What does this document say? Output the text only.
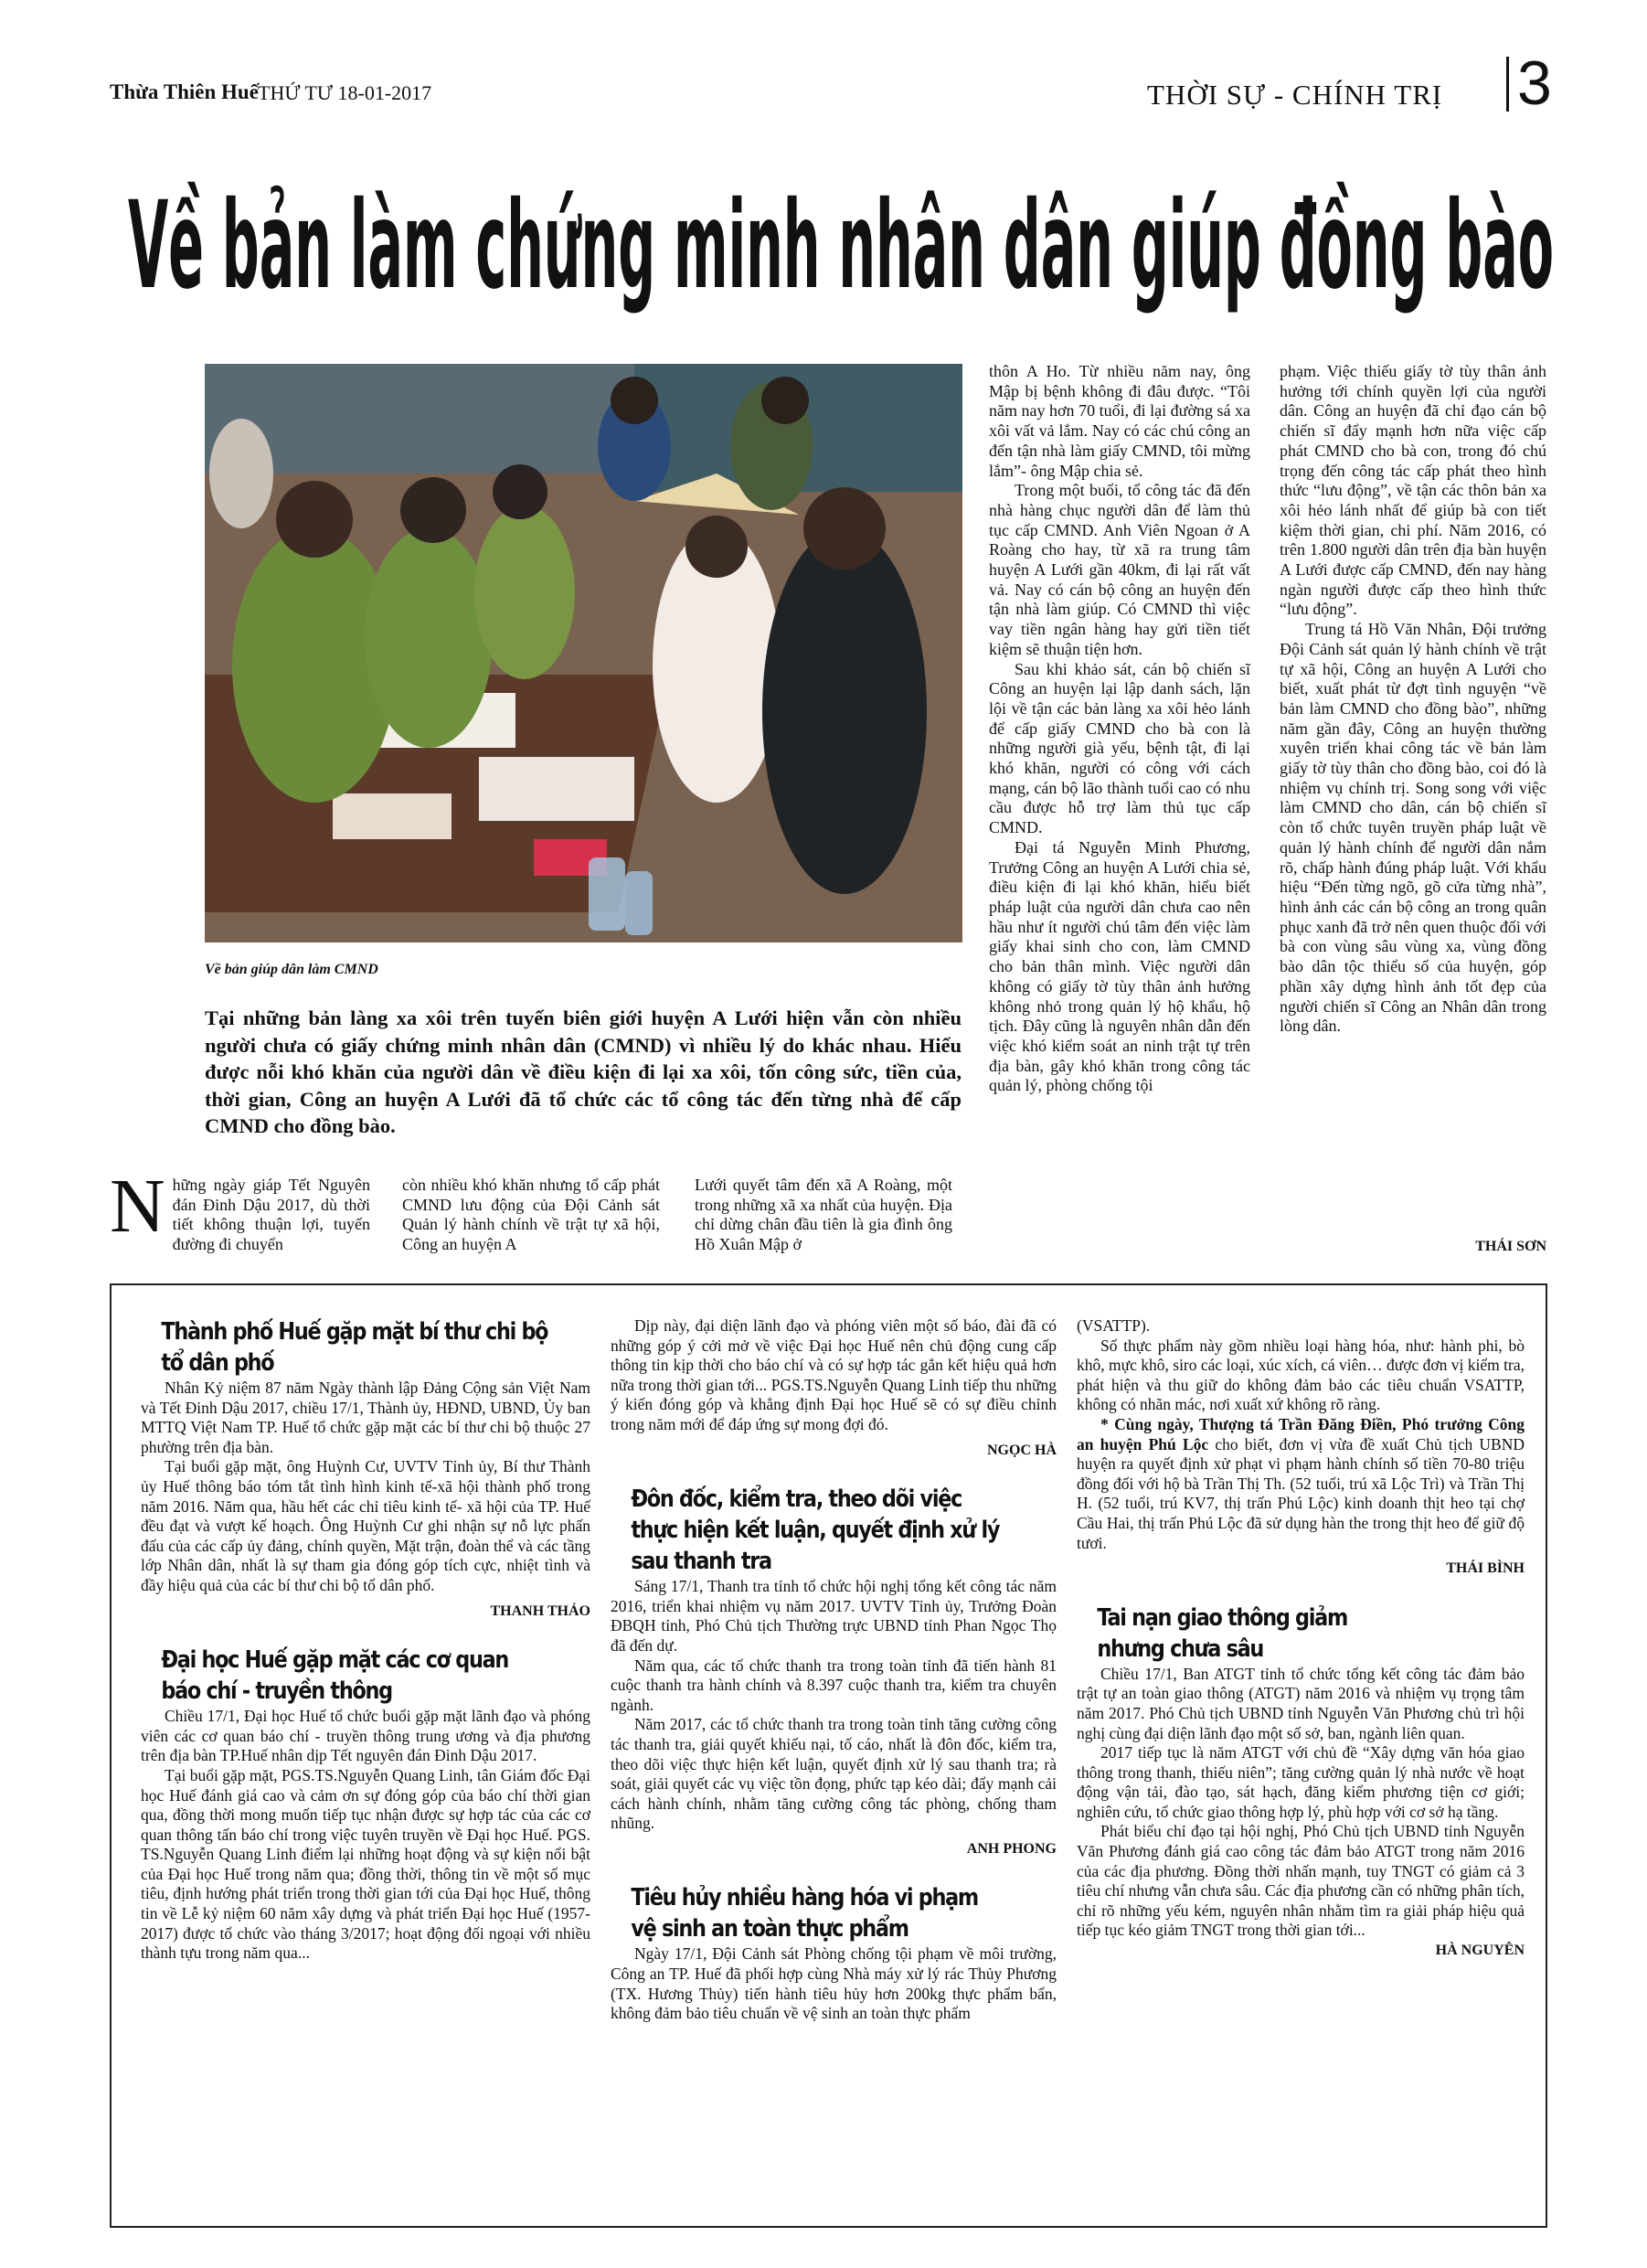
Thừa Thiên Huế THỨ TƯ 18-01-2017	THỜI SỰ - CHÍNH TRỊ 3
Về bản làm chứng minh nhân dân giúp đồng bào
Về bản giúp dân làm CMND
Tại những bản làng xa xôi trên tuyến biên giới huyện A Lưới hiện vẫn còn nhiều người chưa có giấy chứng minh nhân dân (CMND) vì nhiều lý do khác nhau. Hiểu được nỗi khó khăn của người dân về điều kiện đi lại xa xôi, tốn công sức, tiền của, thời gian, Công an huyện A Lưới đã tổ chức các tổ công tác đến từng nhà để cấp CMND cho đồng bào.

Những ngày giáp Tết Nguyên đán Đinh Dậu 2017, dù thời tiết không thuận lợi, tuyến đường đi chuyển

còn nhiều khó khăn nhưng tổ cấp phát CMND lưu động của Đội Cảnh sát Quản lý hành chính về trật tự xã hội, Công an huyện A

Lưới quyết tâm đến xã A Roàng, một trong những xã xa nhất của huyện. Địa chỉ dừng chân đầu tiên là gia đình ông Hồ Xuân Mập ở

thôn A Ho. Từ nhiều năm nay, ông Mập bị bệnh không đi đâu được. “Tôi năm nay hơn 70 tuổi, đi lại đường sá xa xôi vất vả lắm. Nay có các chú công an đến tận nhà làm giấy CMND, tôi mừng lắm”- ông Mập chia sẻ.

Trong một buổi, tổ công tác đã đến nhà hàng chục người dân để làm thủ tục cấp CMND. Anh Viên Ngoan ở A Roàng cho hay, từ xã ra trung tâm huyện A Lưới gần 40km, đi lại rất vất vả. Nay có cán bộ công an huyện đến tận nhà làm giúp. Có CMND thì việc vay tiền ngân hàng hay gửi tiền tiết kiệm sẽ thuận tiện hơn.

Sau khi khảo sát, cán bộ chiến sĩ Công an huyện lại lập danh sách, lặn lội về tận các bản làng xa xôi hẻo lánh để cấp giấy CMND cho bà con là những người già yếu, bệnh tật, đi lại khó khăn, người có công với cách mạng, cán bộ lão thành tuổi cao có nhu cầu được hỗ trợ làm thủ tục cấp CMND.

Đại tá Nguyễn Minh Phương, Trưởng Công an huyện A Lưới chia sẻ, điều kiện đi lại khó khăn, hiểu biết pháp luật của người dân chưa cao nên hầu như ít người chú tâm đến việc làm giấy khai sinh cho con, làm CMND cho bản thân mình. Việc người dân không có giấy tờ tùy thân ảnh hưởng không nhỏ trong quản lý hộ khẩu, hộ tịch. Đây cũng là nguyên nhân dẫn đến việc khó kiểm soát an ninh trật tự trên địa bàn, gây khó khăn trong công tác quản lý, phòng chống tội

phạm. Việc thiếu giấy tờ tùy thân ảnh hưởng tới chính quyền lợi của người dân. Công an huyện đã chỉ đạo cán bộ chiến sĩ đẩy mạnh hơn nữa việc cấp phát CMND cho bà con, trong đó chú trọng đến công tác cấp phát theo hình thức “lưu động”, về tận các thôn bản xa xôi hẻo lánh nhất để giúp bà con tiết kiệm thời gian, chi phí. Năm 2016, có trên 1.800 người dân trên địa bàn huyện A Lưới được cấp CMND, đến nay hàng ngàn người được cấp theo hình thức “lưu động”.

Trung tá Hồ Văn Nhân, Đội trưởng Đội Cảnh sát quản lý hành chính về trật tự xã hội, Công an huyện A Lưới cho biết, xuất phát từ đợt tình nguyện “về bản làm CMND cho đồng bào”, những năm gần đây, Công an huyện thường xuyên triển khai công tác về bản làm giấy tờ tùy thân cho đồng bào, coi đó là nhiệm vụ chính trị. Song song với việc làm CMND cho dân, cán bộ chiến sĩ còn tổ chức tuyên truyền pháp luật về quản lý hành chính để người dân nắm rõ, chấp hành đúng pháp luật. Với khẩu hiệu “Đến từng ngõ, gõ cửa từng nhà”, hình ảnh các cán bộ công an trong quân phục xanh đã trở nên quen thuộc đối với bà con vùng sâu vùng xa, vùng đồng bào dân tộc thiểu số của huyện, góp phần xây dựng hình ảnh tốt đẹp của người chiến sĩ Công an Nhân dân trong lòng dân.

THÁI SƠN

Thành phố Huế gặp mặt bí thư chi bộ

tổ dân phố

Nhân Kỷ niệm 87 năm Ngày thành lập Đảng Cộng sản Việt Nam và Tết Đinh Dậu 2017, chiều 17/1, Thành ủy, HĐND, UBND, Ủy ban MTTQ Việt Nam TP. Huế tổ chức gặp mặt các bí thư chi bộ thuộc 27 phường trên địa bàn.

Tại buổi gặp mặt, ông Huỳnh Cư, UVTV Tỉnh ủy, Bí thư Thành ủy Huế thông báo tóm tắt tình hình kinh tế-xã hội thành phố trong năm 2016. Năm qua, hầu hết các chỉ tiêu kinh tế- xã hội của TP. Huế đều đạt và vượt kế hoạch. Ông Huỳnh Cư ghi nhận sự nỗ lực phấn đấu của các cấp ủy đảng, chính quyền, Mặt trận, đoàn thể và các tầng lớp Nhân dân, nhất là sự tham gia đóng góp tích cực, nhiệt tình và đầy hiệu quả của các bí thư chi bộ tổ dân phố.

THANH THẢO

Đại học Huế gặp mặt các cơ quan

báo chí - truyền thông

Chiều 17/1, Đại học Huế tổ chức buổi gặp mặt lãnh đạo và phóng viên các cơ quan báo chí - truyền thông trung ương và địa phương trên địa bàn TP.Huế nhân dịp Tết nguyên đán Đinh Dậu 2017.

Tại buổi gặp mặt, PGS.TS.Nguyễn Quang Linh, tân Giám đốc Đại học Huế đánh giá cao và cảm ơn sự đóng góp của báo chí thời gian qua, đồng thời mong muốn tiếp tục nhận được sự hợp tác của các cơ quan thông tấn báo chí trong việc tuyên truyền về Đại học Huế. PGS. TS.Nguyễn Quang Linh điểm lại những hoạt động và sự kiện nổi bật của Đại học Huế trong năm qua; đồng thời, thông tin về một số mục tiêu, định hướng phát triển trong thời gian tới của Đại học Huế, thông tin về Lễ kỷ niệm 60 năm xây dựng và phát triển Đại học Huế (1957-2017) được tổ chức vào tháng 3/2017; hoạt động đối ngoại với nhiều thành tựu trong năm qua...

Dịp này, đại diện lãnh đạo và phóng viên một số báo, đài đã có những góp ý cởi mở về việc Đại học Huế nên chủ động cung cấp thông tin kịp thời cho báo chí và có sự hợp tác gắn kết hiệu quả hơn nữa trong thời gian tới... PGS.TS.Nguyễn Quang Linh tiếp thu những ý kiến đóng góp và khẳng định Đại học Huế sẽ có sự điều chỉnh trong năm mới để đáp ứng sự mong đợi đó.

NGỌC HÀ

Đôn đốc, kiểm tra, theo dõi việc

thực hiện kết luận, quyết định xử lý

sau thanh tra

Sáng 17/1, Thanh tra tỉnh tổ chức hội nghị tổng kết công tác năm 2016, triển khai nhiệm vụ năm 2017. UVTV Tỉnh ủy, Trưởng Đoàn ĐBQH tỉnh, Phó Chủ tịch Thường trực UBND tỉnh Phan Ngọc Thọ đã đến dự.

Năm qua, các tổ chức thanh tra trong toàn tỉnh đã tiến hành 81 cuộc thanh tra hành chính và 8.397 cuộc thanh tra, kiểm tra chuyên ngành.

Năm 2017, các tổ chức thanh tra trong toàn tỉnh tăng cường công tác thanh tra, giải quyết khiếu nại, tố cáo, nhất là đôn đốc, kiểm tra, theo dõi việc thực hiện kết luận, quyết định xử lý sau thanh tra; rà soát, giải quyết các vụ việc tồn đọng, phức tạp kéo dài; đẩy mạnh cải cách hành chính, nhằm tăng cường công tác phòng, chống tham nhũng.

ANH PHONG

Tiêu hủy nhiều hàng hóa vi phạm

vệ sinh an toàn thực phẩm

Ngày 17/1, Đội Cảnh sát Phòng chống tội phạm về môi trường, Công an TP. Huế đã phối hợp cùng Nhà máy xử lý rác Thủy Phương (TX. Hương Thủy) tiến hành tiêu hủy hơn 200kg thực phẩm bẩn, không đảm bảo tiêu chuẩn về vệ sinh an toàn thực phẩm

(VSATTP).

Số thực phẩm này gồm nhiều loại hàng hóa, như: hành phi, bò khô, mực khô, siro các loại, xúc xích, cá viên… được đơn vị kiểm tra, phát hiện và thu giữ do không đảm bảo các tiêu chuẩn VSATTP, không có nhãn mác, nơi xuất xứ không rõ ràng.

* Cùng ngày, Thượng tá Trần Đăng Điền, Phó trưởng Công an huyện Phú Lộc cho biết, đơn vị vừa đề xuất Chủ tịch UBND huyện ra quyết định xử phạt vi phạm hành chính số tiền 70-80 triệu đồng đối với hộ bà Trần Thị Th. (52 tuổi, trú xã Lộc Trì) và Trần Thị H. (52 tuổi, trú KV7, thị trấn Phú Lộc) kinh doanh thịt heo tại chợ Cầu Hai, thị trấn Phú Lộc đã sử dụng hàn the trong thịt heo để giữ độ tươi.

THÁI BÌNH

Tai nạn giao thông giảm

nhưng chưa sâu

Chiều 17/1, Ban ATGT tỉnh tổ chức tổng kết công tác đảm bảo trật tự an toàn giao thông (ATGT) năm 2016 và nhiệm vụ trọng tâm năm 2017. Phó Chủ tịch UBND tỉnh Nguyễn Văn Phương chủ trì hội nghị cùng đại diện lãnh đạo một số sở, ban, ngành liên quan.

2017 tiếp tục là năm ATGT với chủ đề “Xây dựng văn hóa giao thông trong thanh, thiếu niên”; tăng cường quản lý nhà nước về hoạt động vận tải, đào tạo, sát hạch, đăng kiểm phương tiện cơ giới; nghiên cứu, tổ chức giao thông hợp lý, phù hợp với cơ sở hạ tầng.

Phát biểu chỉ đạo tại hội nghị, Phó Chủ tịch UBND tỉnh Nguyễn Văn Phương đánh giá cao công tác đảm bảo ATGT trong năm 2016 của các địa phương. Đồng thời nhấn mạnh, tuy TNGT có giảm cả 3 tiêu chí nhưng vẫn chưa sâu. Các địa phương cần có những phân tích, chỉ rõ những yếu kém, nguyên nhân nhằm tìm ra giải pháp hiệu quả tiếp tục kéo giảm TNGT trong thời gian tới...

HÀ NGUYÊN
